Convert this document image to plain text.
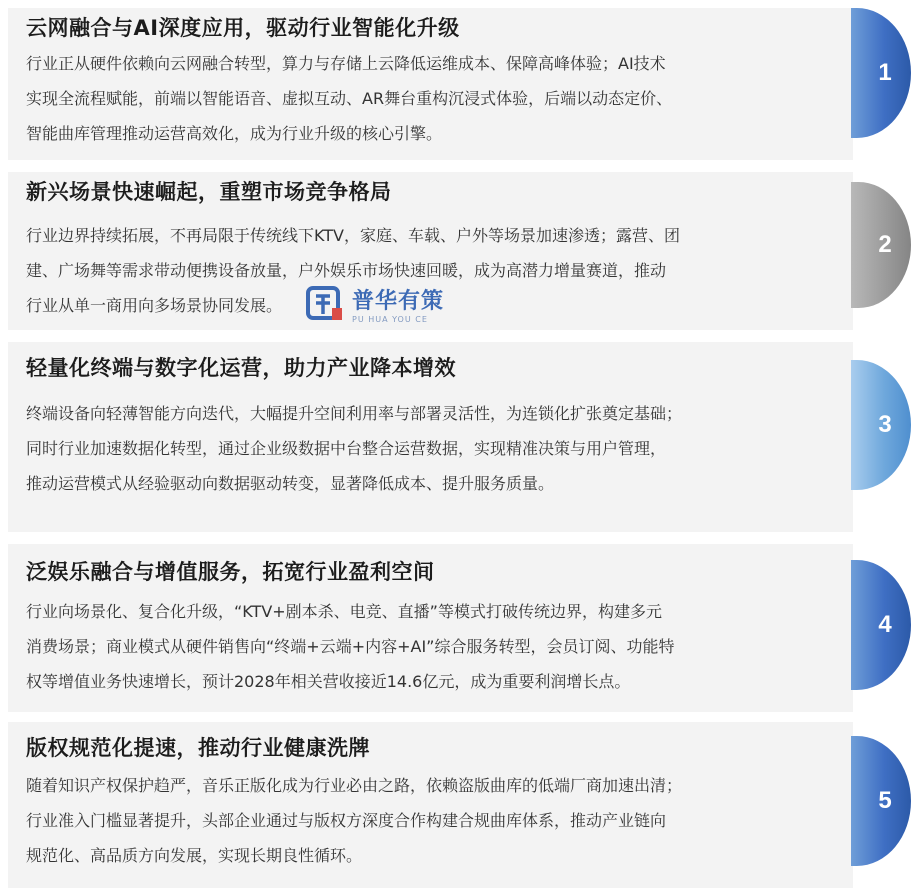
云网融合与AI深度应用，驱动行业智能化升级
行业正从硬件依赖向云网融合转型，算力与存储上云降低运维成本、保障高峰体验；AI技术
实现全流程赋能，前端以智能语音、虚拟互动、AR舞台重构沉浸式体验，后端以动态定价、
智能曲库管理推动运营高效化，成为行业升级的核心引擎。
1
新兴场景快速崛起，重塑市场竞争格局
行业边界持续拓展，不再局限于传统线下KTV，家庭、车载、户外等场景加速渗透；露营、团
建、广场舞等需求带动便携设备放量，户外娱乐市场快速回暖，成为高潜力增量赛道，推动
行业从单一商用向多场景协同发展。
2
普华有策
PU HUA YOU CE
轻量化终端与数字化运营，助力产业降本增效
终端设备向轻薄智能方向迭代，大幅提升空间利用率与部署灵活性，为连锁化扩张奠定基础；
同时行业加速数据化转型，通过企业级数据中台整合运营数据，实现精准决策与用户管理，
推动运营模式从经验驱动向数据驱动转变，显著降低成本、提升服务质量。
3
泛娱乐融合与增值服务，拓宽行业盈利空间
行业向场景化、复合化升级，“KTV+剧本杀、电竞、直播”等模式打破传统边界，构建多元
消费场景；商业模式从硬件销售向“终端+云端+内容+AI”综合服务转型，会员订阅、功能特
权等增值业务快速增长，预计2028年相关营收接近14.6亿元，成为重要利润增长点。
4
版权规范化提速，推动行业健康洗牌
随着知识产权保护趋严，音乐正版化成为行业必由之路，依赖盗版曲库的低端厂商加速出清；
行业准入门槛显著提升，头部企业通过与版权方深度合作构建合规曲库体系，推动产业链向
规范化、高品质方向发展，实现长期良性循环。
5
